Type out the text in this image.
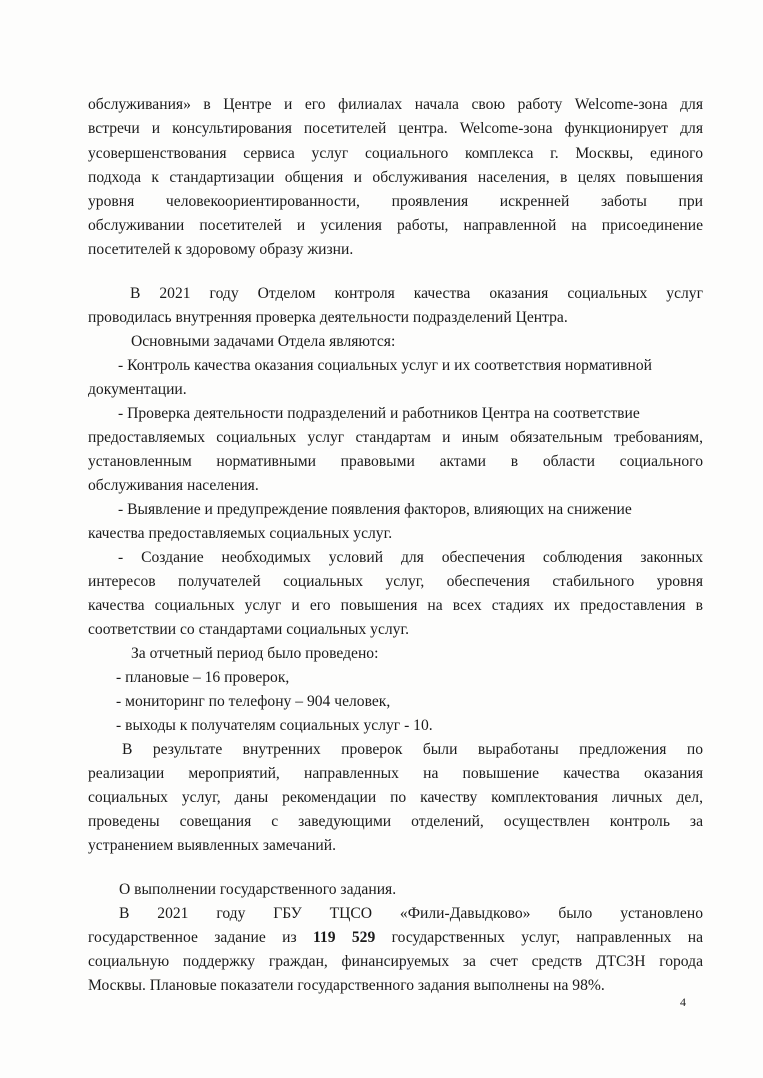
обслуживания» в Центре и его филиалах начала свою работу Welcome-зона для
встречи и консультирования посетителей центра. Welcome-зона функционирует для
усовершенствования сервиса услуг социального комплекса г. Москвы, единого
подхода к стандартизации общения и обслуживания населения, в целях повышения
уровня человекоориентированности, проявления искренней заботы при
обслуживании посетителей и усиления работы, направленной на присоединение
посетителей к здоровому образу жизни.
В 2021 году Отделом контроля качества оказания социальных услуг
проводилась внутренняя проверка деятельности подразделений Центра.
Основными задачами Отдела являются:
- Контроль качества оказания социальных услуг и их соответствия нормативной
документации.
- Проверка деятельности подразделений и работников Центра на соответствие
предоставляемых социальных услуг стандартам и иным обязательным требованиям,
установленным нормативными правовыми актами в области социального
обслуживания населения.
- Выявление и предупреждение появления факторов, влияющих на снижение
качества предоставляемых социальных услуг.
- Создание необходимых условий для обеспечения соблюдения законных
интересов получателей социальных услуг, обеспечения стабильного уровня
качества социальных услуг и его повышения на всех стадиях их предоставления в
соответствии со стандартами социальных услуг.
За отчетный период было проведено:
- плановые – 16 проверок,
- мониторинг по телефону – 904 человек,
- выходы к получателям социальных услуг - 10.
В результате внутренних проверок были выработаны предложения по
реализации мероприятий, направленных на повышение качества оказания
социальных услуг, даны рекомендации по качеству комплектования личных дел,
проведены совещания с заведующими отделений, осуществлен контроль за
устранением выявленных замечаний.
О выполнении государственного задания.
В 2021 году ГБУ ТЦСО «Фили-Давыдково» было установлено
государственное задание из 119 529 государственных услуг, направленных на
социальную поддержку граждан, финансируемых за счет средств ДТСЗН города
Москвы. Плановые показатели государственного задания выполнены на 98%.
4
